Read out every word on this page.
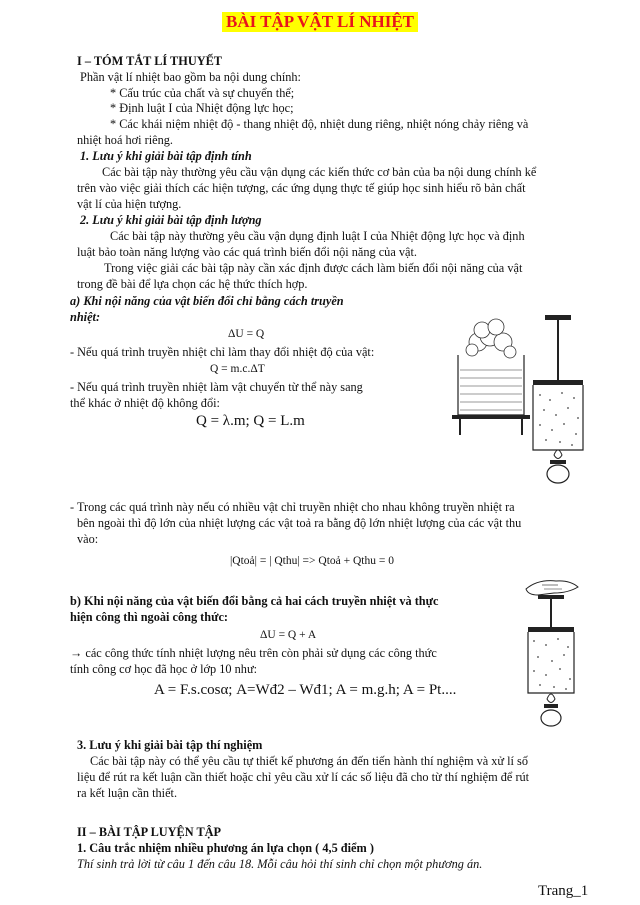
BÀI TẬP VẬT LÍ NHIỆT
I – TÓM TẮT LÍ THUYẾT
Phần vật lí nhiệt bao gồm ba nội dung chính:
* Cấu trúc của chất và sự chuyển thể;
* Định luật I của Nhiệt động lực học;
* Các khái niệm nhiệt độ - thang nhiệt độ, nhiệt dung riêng, nhiệt nóng chảy riêng và
nhiệt hoá hơi riêng.
1. Lưu ý khi giải bài tập định tính
Các bài tập này thường yêu cầu vận dụng các kiến thức cơ bản của ba nội dung chính kể
trên vào việc giải thích các hiện tượng, các ứng dụng thực tế giúp học sinh hiểu rõ bản chất
vật lí của hiện tượng.
2. Lưu ý khi giải bài tập định lượng
Các bài tập này thường yêu cầu vận dụng định luật I của Nhiệt động lực học và định
luật bảo toàn năng lượng vào các quá trình biến đổi nội năng của vật.
Trong việc giải các bài tập này cần xác định được cách làm biến đổi nội năng của vật
trong đề bài để lựa chọn các hệ thức thích hợp.
a) Khi nội năng của vật biến đổi chỉ bằng cách truyền
nhiệt:
ΔU = Q
- Nếu quá trình truyền nhiệt chỉ làm thay đổi nhiệt độ của vật:
Q = m.c.ΔT
- Nếu quá trình truyền nhiệt làm vật chuyển từ thể này sang
thể khác ở nhiệt độ không đổi:
Q = λ.m; Q = L.m
- Trong các quá trình này nếu có nhiều vật chỉ truyền nhiệt cho nhau không truyền nhiệt ra
bên ngoài thì độ lớn của nhiệt lượng các vật toả ra bằng độ lớn nhiệt lượng của các vật thu
vào:
|Qtoả| = | Qthu| => Qtoả + Qthu = 0
b) Khi nội năng của vật biến đổi bằng cả hai cách truyền nhiệt và thực
hiện công thì ngoài công thức:
ΔU = Q + A
→ các công thức tính nhiệt lượng nêu trên còn phải sử dụng các công thức
tính công cơ học đã học ở lớp 10 như:
A = F.s.cosα; A=Wđ2 – Wđ1; A = m.g.h; A = Pt....
3. Lưu ý khi giải bài tập thí nghiệm
Các bài tập này có thể yêu cầu tự thiết kế phương án đến tiến hành thí nghiệm và xử lí số
liệu để rút ra kết luận cần thiết hoặc chỉ yêu cầu xử lí các số liệu đã cho từ thí nghiệm để rút
ra kết luận cần thiết.
II – BÀI TẬP LUYỆN TẬP
1. Câu trắc nhiệm nhiều phương án lựa chọn ( 4,5 điểm )
Thí sinh trả lời từ câu 1 đến câu 18. Mỗi câu hỏi thí sinh chỉ chọn một phương án.
Trang_1
